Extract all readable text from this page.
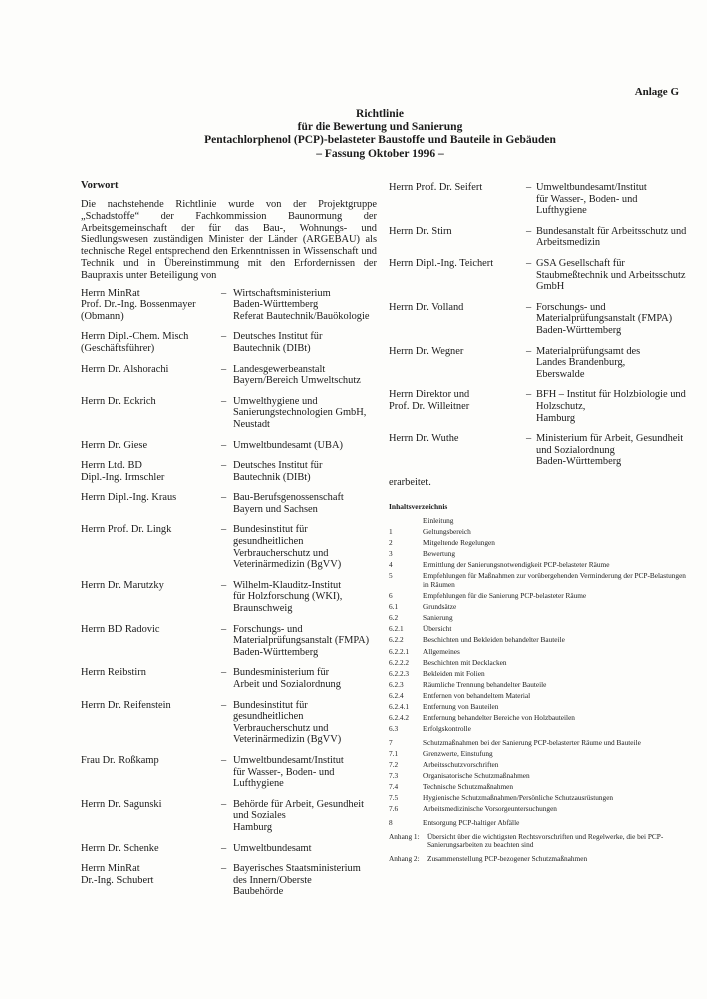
Anlage G
Richtlinie
für die Bewertung und Sanierung
Pentachlorphenol (PCP)-belasteter Baustoffe und Bauteile in Gebäuden
– Fassung Oktober 1996 –
Vorwort
Die nachstehende Richtlinie wurde von der Projektgruppe „Schadstoffe“ der Fachkommission Baunormung der Arbeitsgemeinschaft der für das Bau-, Wohnungs- und Siedlungswesen zuständigen Minister der Länder (ARGEBAU) als technische Regel entsprechend den Erkenntnissen in Wissenschaft und Technik und in Übereinstimmung mit den Erfordernissen der Baupraxis unter Beteiligung von
Herrn MinRat
Prof. Dr.-Ing. Bossenmayer
(Obmann)
– Wirtschaftsministerium
Baden-Württemberg
Referat Bautechnik/Bauökologie
Herrn Dipl.-Chem. Misch
(Geschäftsführer)
– Deutsches Institut für
Bautechnik (DIBt)
Herrn Dr. Alshorachi	– Landesgewerbeanstalt
Bayern/Bereich Umweltschutz
Herrn Dr. Eckrich	– Umwelthygiene und Sanierungstechnologien GmbH,
Neustadt
Herrn Dr. Giese	– Umweltbundesamt (UBA)
Herrn Ltd. BD
Dipl.-Ing. Irmschler
– Deutsches Institut für
Bautechnik (DIBt)
Herrn Dipl.-Ing. Kraus	– Bau-Berufsgenossenschaft
Bayern und Sachsen
Herrn Prof. Dr. Lingk	– Bundesinstitut für gesundheitlichen Verbraucherschutz und Veterinärmedizin (BgVV)
Herrn Dr. Marutzky	– Wilhelm-Klauditz-Institut
für Holzforschung (WKI),
Braunschweig
Herrn BD Radovic	– Forschungs- und Materialprüfungsanstalt (FMPA)
Baden-Württemberg
Herrn Reibstirn	– Bundesministerium für
Arbeit und Sozialordnung
Herrn Dr. Reifenstein	– Bundesinstitut für gesundheitlichen Verbraucherschutz und Veterinärmedizin (BgVV)
Frau Dr. Roßkamp	– Umweltbundesamt/Institut
für Wasser-, Boden- und
Lufthygiene
Herrn Dr. Sagunski	– Behörde für Arbeit, Gesundheit und Soziales
Hamburg
Herrn Dr. Schenke	– Umweltbundesamt
Herrn MinRat
Dr.-Ing. Schubert
– Bayerisches Staatsministerium des Innern/Oberste
Baubehörde
Herrn Prof. Dr. Seifert	– Umweltbundesamt/Institut
für Wasser-, Boden- und
Lufthygiene
Herrn Dr. Stirn	– Bundesanstalt für Arbeitsschutz und Arbeitsmedizin
Herrn Dipl.-Ing. Teichert	– GSA Gesellschaft für Staubmeßtechnik und Arbeitsschutz GmbH
Herrn Dr. Volland	– Forschungs- und Materialprüfungsanstalt (FMPA)
Baden-Württemberg
Herrn Dr. Wegner	– Materialprüfungsamt des
Landes Brandenburg,
Eberswalde
Herrn Direktor und
Prof. Dr. Willeitner
– BFH – Institut für Holzbiologie und Holzschutz,
Hamburg
Herrn Dr. Wuthe	– Ministerium für Arbeit, Gesundheit und Sozialordnung
Baden-Württemberg
erarbeitet.
Inhaltsverzeichnis
Einleitung
1	Geltungsbereich
2	Mitgeltende Regelungen
3	Bewertung
4	Ermittlung der Sanierungsnotwendigkeit PCP-belasteter Räume
5	Empfehlungen für Maßnahmen zur vorübergehenden Verminderung der PCP-Belastungen in Räumen
6	Empfehlungen für die Sanierung PCP-belasteter Räume
6.1	Grundsätze
6.2	Sanierung
6.2.1	Übersicht
6.2.2	Beschichten und Bekleiden behandelter Bauteile
6.2.2.1	Allgemeines
6.2.2.2	Beschichten mit Decklacken
6.2.2.3	Bekleiden mit Folien
6.2.3	Räumliche Trennung behandelter Bauteile
6.2.4	Entfernen von behandeltem Material
6.2.4.1	Entfernung von Bauteilen
6.2.4.2	Entfernung behandelter Bereiche von Holzbauteilen
6.3	Erfolgskontrolle
7	Schutzmaßnahmen bei der Sanierung PCP-belasterter Räume und Bauteile
7.1	Grenzwerte, Einstufung
7.2	Arbeitsschutzvorschriften
7.3	Organisatorische Schutzmaßnahmen
7.4	Technische Schutzmaßnahmen
7.5	Hygienische Schutzmaßnahmen/Persönliche Schutzausrüstungen
7.6	Arbeitsmedizinische Vorsorgeuntersuchungen
8	Entsorgung PCP-haltiger Abfälle
Anhang 1:	Übersicht über die wichtigsten Rechtsvorschriften und Regelwerke, die bei PCP-Sanierungsarbeiten zu beachten sind
Anhang 2:	Zusammenstellung PCP-bezogener Schutzmaßnahmen
